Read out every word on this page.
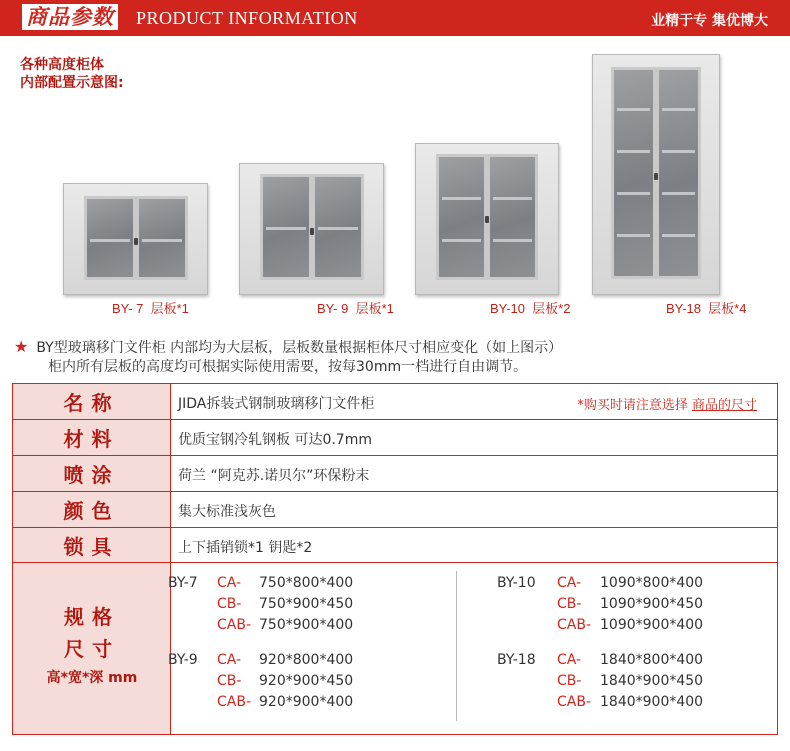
商品参数 PRODUCT INFORMATION	业精于专 集优博大
各种高度柜体
内部配置示意图:
BY- 7 层板*1	BY- 9 层板*1	BY-10 层板*2	BY-18 层板*4
★ BY型玻璃移门文件柜 内部均为大层板，层板数量根据柜体尺寸相应变化（如上图示）
柜内所有层板的高度均可根据实际使用需要，按每30mm一档进行自由调节。
名称	JIDA拆装式钢制玻璃移门文件柜	*购买时请注意选择 商品的尺寸
材料	优质宝钢冷轧钢板 可达0.7mm
喷涂	荷兰 “阿克苏.诺贝尔”环保粉末
颜色	集大标准浅灰色
锁具	上下插销锁*1 钥匙*2
规格
尺寸
高*宽*深 mm
BY-7 CA- 750*800*400
CB- 750*900*450
CAB- 750*900*400
BY-9 CA- 920*800*400
CB- 920*900*450
CAB- 920*900*400
BY-10 CA- 1090*800*400
CB- 1090*900*450
CAB- 1090*900*400
BY-18 CA- 1840*800*400
CB- 1840*900*450
CAB- 1840*900*400
